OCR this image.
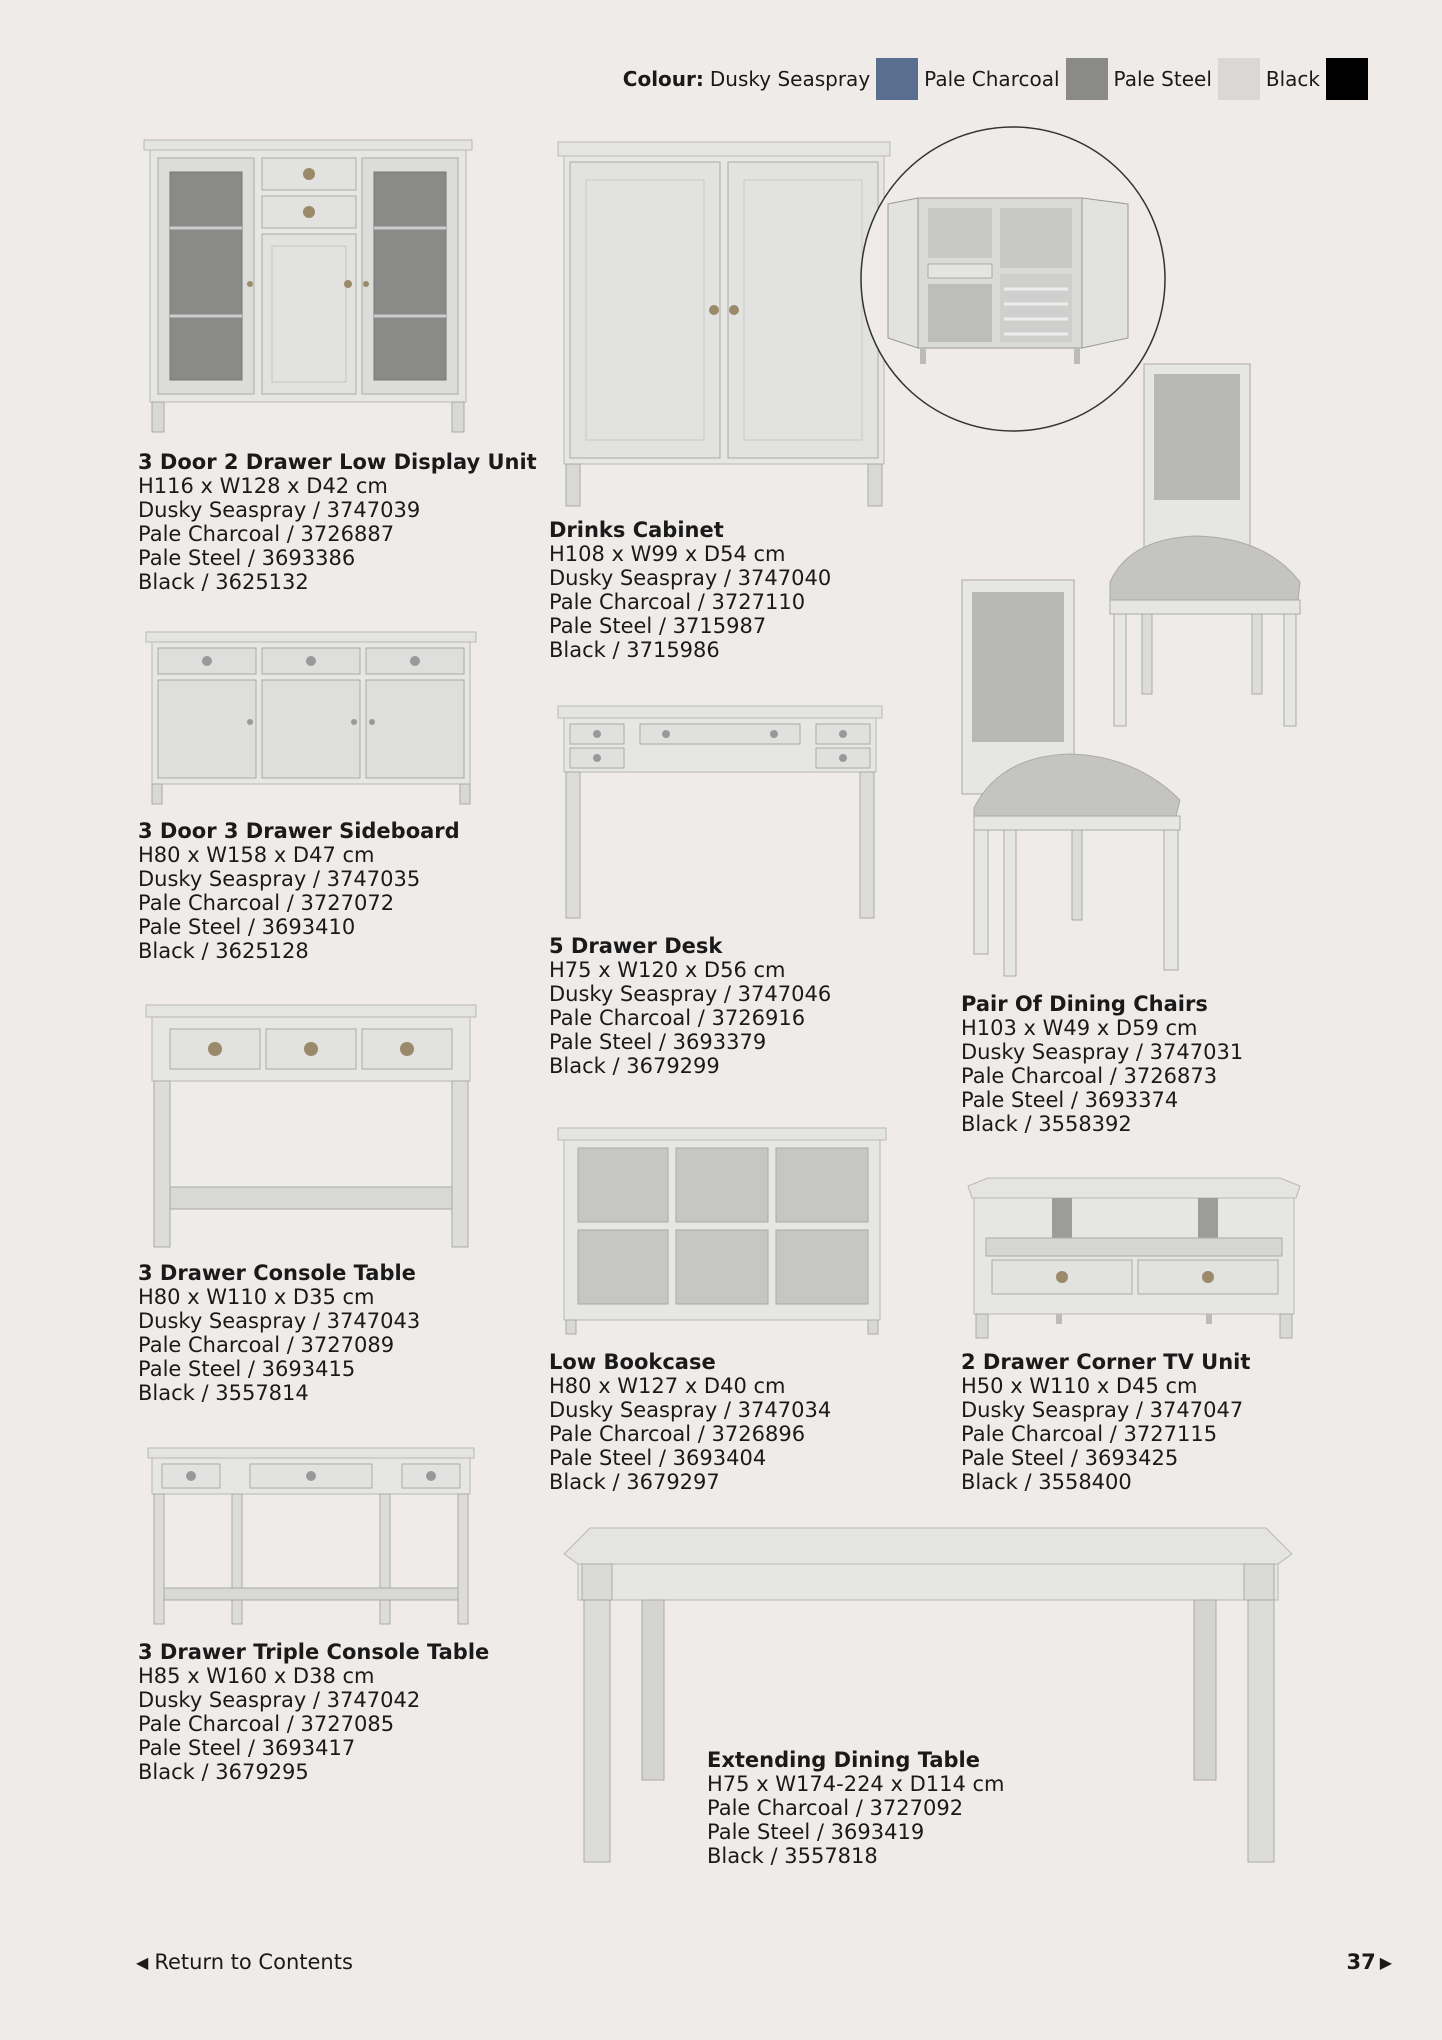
Colour: Dusky Seaspray	Pale Charcoal	Pale Steel	Black
3 Door 2 Drawer Low Display Unit
H116 x W128 x D42 cm
Dusky Seaspray / 3747039
Pale Charcoal / 3726887
Pale Steel / 3693386
Black / 3625132
3 Door 3 Drawer Sideboard
H80 x W158 x D47 cm
Dusky Seaspray / 3747035
Pale Charcoal / 3727072
Pale Steel / 3693410
Black / 3625128
3 Drawer Console Table
H80 x W110 x D35 cm
Dusky Seaspray / 3747043
Pale Charcoal / 3727089
Pale Steel / 3693415
Black / 3557814
3 Drawer Triple Console Table
H85 x W160 x D38 cm
Dusky Seaspray / 3747042
Pale Charcoal / 3727085
Pale Steel / 3693417
Black / 3679295
Drinks Cabinet
H108 x W99 x D54 cm
Dusky Seaspray / 3747040
Pale Charcoal / 3727110
Pale Steel / 3715987
Black / 3715986
5 Drawer Desk
H75 x W120 x D56 cm
Dusky Seaspray / 3747046
Pale Charcoal / 3726916
Pale Steel / 3693379
Black / 3679299
Low Bookcase
H80 x W127 x D40 cm
Dusky Seaspray / 3747034
Pale Charcoal / 3726896
Pale Steel / 3693404
Black / 3679297
Pair Of Dining Chairs
H103 x W49 x D59 cm
Dusky Seaspray / 3747031
Pale Charcoal / 3726873
Pale Steel / 3693374
Black / 3558392
2 Drawer Corner TV Unit
H50 x W110 x D45 cm
Dusky Seaspray / 3747047
Pale Charcoal / 3727115
Pale Steel / 3693425
Black / 3558400
Extending Dining Table
H75 x W174-224 x D114 cm
Pale Charcoal / 3727092
Pale Steel / 3693419
Black / 3557818
◀ Return to Contents	37 ▶
